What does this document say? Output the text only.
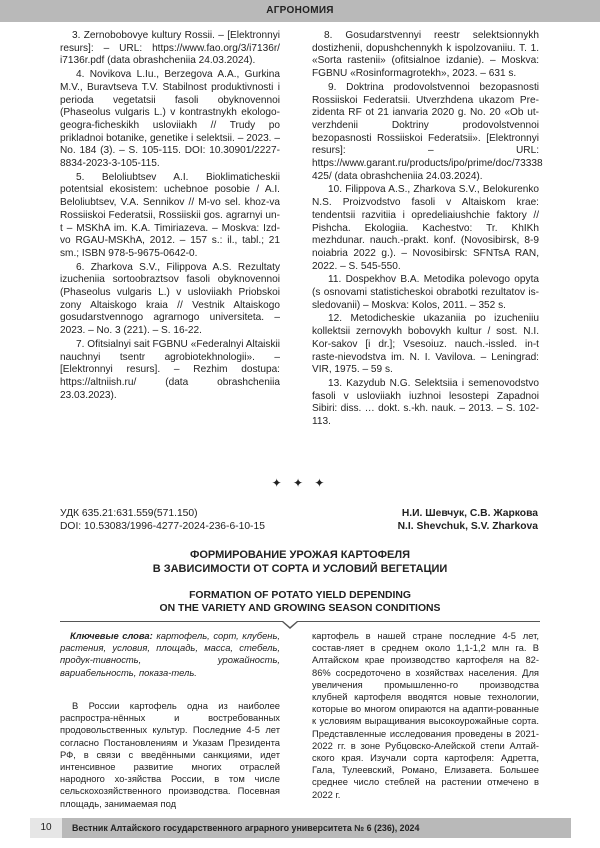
АГРОНОМИЯ

3. Zernobobovye kultury Rossii. – [Elektronnyi resurs]: – URL: https://www.fao.org/3/i7136r/ i7136r.pdf (data obrashcheniia 24.03.2024).

4. Novikova L.Iu., Berzegova A.A., Gurkina M.V., Buravtseva T.V. Stabilnost produktivnosti i perioda vegetatsii fasoli obyknovennoi (Phaseolus vulgaris L.) v kontrastnykh ekologo-geogra-ficheskikh usloviiakh // Trudy po prikladnoi botanike, genetike i selektsii. – 2023. – No. 184 (3). – S. 105-115. DOI: 10.30901/2227-8834-2023-3-105-115.

5. Beloliubtsev A.I. Bioklimaticheskii potentsial ekosistem: uchebnoe posobie / A.I. Beloliubtsev, V.A. Sennikov // M-vo sel. khoz-va Rossiiskoi Federatsii, Rossiiskii gos. agrarnyi un-t – MSKhA im. K.A. Timiriazeva. – Moskva: Izd-vo RGAU-MSKhA, 2012. – 157 s.: il., tabl.; 21 sm.; ISBN 978-5-9675-0642-0.

6. Zharkova S.V., Filippova A.S. Rezultaty izucheniia sortoobraztsov fasoli obyknovennoi (Phaseolus vulgaris L.) v usloviiakh Priobskoi zony Altaiskogo kraia // Vestnik Altaiskogo gosudarstvennogo agrarnogo universiteta. – 2023. – No. 3 (221). – S. 16-22.

7. Ofitsialnyi sait FGBNU «Federalnyi Altaiskii nauchnyi tsentr agrobiotekhnologii». – [Elektronnyi resurs]. – Rezhim dostupa: https://altniish.ru/ (data obrashcheniia 23.03.2023).

8. Gosudarstvennyi reestr selektsionnykh dostizhenii, dopushchennykh k ispolzovaniiu. T. 1. «Sorta rastenii» (ofitsialnoe izdanie). – Moskva: FGBNU «Rosinformagrotekh», 2023. – 631 s.

9. Doktrina prodovolstvennoi bezopasnosti Rossiiskoi Federatsii. Utverzhdena ukazom Pre-zidenta RF ot 21 ianvaria 2020 g. No. 20 «Ob ut-verzhdenii Doktriny prodovolstvennoi bezopasnosti Rossiiskoi Federatsii». [Elektronnyi resurs]: – URL: https://www.garant.ru/products/ipo/prime/doc/73338 425/ (data obrashcheniia 24.03.2024).

10. Filippova A.S., Zharkova S.V., Belokurenko N.S. Proizvodstvo fasoli v Altaiskom krae: tendentsii razvitiia i opredeliaiushchie faktory // Pishcha. Ekologiia. Kachestvo: Tr. KhIKh mezhdunar. nauch.-prakt. konf. (Novosibirsk, 8-9 noiabria 2022 g.). – Novosibirsk: SFNTsA RAN, 2022. – S. 545-550.

11. Dospekhov B.A. Metodika polevogo opyta (s osnovami statisticheskoi obrabotki rezultatov is-sledovanii) – Moskva: Kolos, 2011. – 352 s.

12. Metodicheskie ukazaniia po izucheniiu kollektsii zernovykh bobovykh kultur / sost. N.I. Kor-sakov [i dr.]; Vsesoiuz. nauch.-issled. in-t raste-nievodstva im. N. I. Vavilova. – Leningrad: VIR, 1975. – 59 s.

13. Kazydub N.G. Selektsiia i semenovodstvo fasoli v usloviiakh iuzhnoi lesostepi Zapadnoi Sibiri: diss. … dokt. s.-kh. nauk. – 2013. – S. 102-113.

✦ ✦ ✦
УДК 635.21:631.559(571.150)
DOI: 10.53083/1996-4277-2024-236-6-10-15
Н.И. Шевчук, С.В. Жаркова
N.I. Shevchuk, S.V. Zharkova
ФОРМИРОВАНИЕ УРОЖАЯ КАРТОФЕЛЯ
В ЗАВИСИМОСТИ ОТ СОРТА И УСЛОВИЙ ВЕГЕТАЦИИ
FORMATION OF POTATO YIELD DEPENDING
ON THE VARIETY AND GROWING SEASON CONDITIONS
Ключевые слова: картофель, сорт, клубень, растения, условия, площадь, масса, стебель, продук-тивность, урожайность, вариабельность, показа-тель.
В России картофель одна из наиболее распростра-нённых и востребованных продовольственных культур. Последние 4-5 лет согласно Постановлениям и Указам Президента РФ, в связи с введёнными санкциями, идет интенсивное развитие многих отраслей народного хо-зяйства России, в том числе сельскохозяйственного производства. Посевная площадь, занимаемая под

картофель в нашей стране последние 4-5 лет, состав-ляет в среднем около 1,1-1,2 млн га. В Алтайском крае производство картофеля на 82-86% сосредоточено в хозяйствах населения. Для увеличения промышленно-го производства клубней картофеля вводятся новые технологии, которые во многом опираются на адапти-рованные к условиям выращивания высокоурожайные сорта. Представленные исследования проведены в 2021-2022 гг. в зоне Рубцовско-Алейской степи Алтай-ского края. Изучали сорта картофеля: Адретта, Гала, Тулеевский, Романо, Елизавета. Большее среднее число стеблей на растении отмечено в 2022 г.

10	Вестник Алтайского государственного аграрного университета № 6 (236), 2024
